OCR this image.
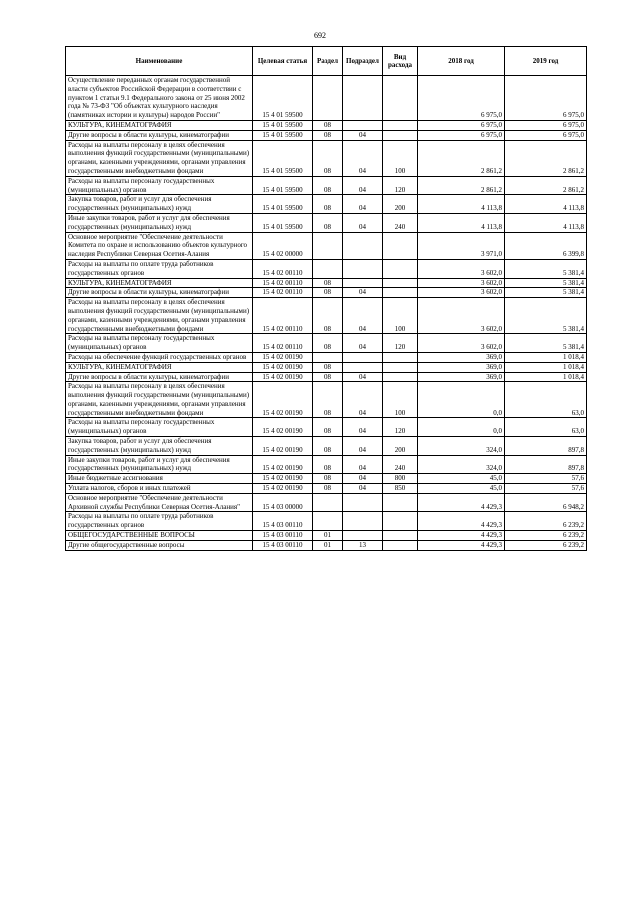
692
Наименование	Целевая статья	Раздел	Подраздел	Вид расхода	2018 год	2019 год
Осуществление переданных органам государственной власти субъектов Российской Федерации в соответствии с пунктом 1 статьи 9.1 Федерального закона от 25 июня 2002 года № 73-ФЗ "Об объектах культурного наследия (памятниках истории и культуры) народов России"	15 4 01 59500				6 975,0	6 975,0
КУЛЬТУРА, КИНЕМАТОГРАФИЯ	15 4 01 59500	08			6 975,0	6 975,0
Другие вопросы в области культуры, кинематографии	15 4 01 59500	08	04		6 975,0	6 975,0
Расходы на выплаты персоналу в целях обеспечения выполнения функций государственными (муниципальными) органами, казенными учреждениями, органами управления государственными внебюджетными фондами	15 4 01 59500	08	04	100	2 861,2	2 861,2
Расходы на выплаты персоналу государственных (муниципальных) органов	15 4 01 59500	08	04	120	2 861,2	2 861,2
Закупка товаров, работ и услуг для обеспечения государственных (муниципальных) нужд	15 4 01 59500	08	04	200	4 113,8	4 113,8
Иные закупки товаров, работ и услуг для обеспечения государственных (муниципальных) нужд	15 4 01 59500	08	04	240	4 113,8	4 113,8
Основное мероприятие "Обеспечение деятельности Комитета по охране и использованию объектов культурного наследия Республики Северная Осетия-Алания	15 4 02 00000				3 971,0	6 399,8
Расходы на выплаты по оплате труда работников государственных органов	15 4 02 00110				3 602,0	5 381,4
КУЛЬТУРА, КИНЕМАТОГРАФИЯ	15 4 02 00110	08			3 602,0	5 381,4
Другие вопросы в области культуры, кинематографии	15 4 02 00110	08	04		3 602,0	5 381,4
Расходы на выплаты персоналу в целях обеспечения выполнения функций государственными (муниципальными) органами, казенными учреждениями, органами управления государственными внебюджетными фондами	15 4 02 00110	08	04	100	3 602,0	5 381,4
Расходы на выплаты персоналу государственных (муниципальных) органов	15 4 02 00110	08	04	120	3 602,0	5 381,4
Расходы на обеспечение функций государственных органов	15 4 02 00190				369,0	1 018,4
КУЛЬТУРА, КИНЕМАТОГРАФИЯ	15 4 02 00190	08			369,0	1 018,4
Другие вопросы в области культуры, кинематографии	15 4 02 00190	08	04		369,0	1 018,4
Расходы на выплаты персоналу в целях обеспечения выполнения функций государственными (муниципальными) органами, казенными учреждениями, органами управления государственными внебюджетными фондами	15 4 02 00190	08	04	100	0,0	63,0
Расходы на выплаты персоналу государственных (муниципальных) органов	15 4 02 00190	08	04	120	0,0	63,0
Закупка товаров, работ и услуг для обеспечения государственных (муниципальных) нужд	15 4 02 00190	08	04	200	324,0	897,8
Иные закупки товаров, работ и услуг для обеспечения государственных (муниципальных) нужд	15 4 02 00190	08	04	240	324,0	897,8
Иные бюджетные ассигнования	15 4 02 00190	08	04	800	45,0	57,6
Уплата налогов, сборов и иных платежей	15 4 02 00190	08	04	850	45,0	57,6
Основное мероприятие "Обеспечение деятельности Архивной службы Республики Северная Осетия-Алания"	15 4 03 00000				4 429,3	6 948,2
Расходы на выплаты по оплате труда работников государственных органов	15 4 03 00110				4 429,3	6 239,2
ОБЩЕГОСУДАРСТВЕННЫЕ ВОПРОСЫ	15 4 03 00110	01			4 429,3	6 239,2
Другие общегосударственные вопросы	15 4 03 00110	01	13		4 429,3	6 239,2
